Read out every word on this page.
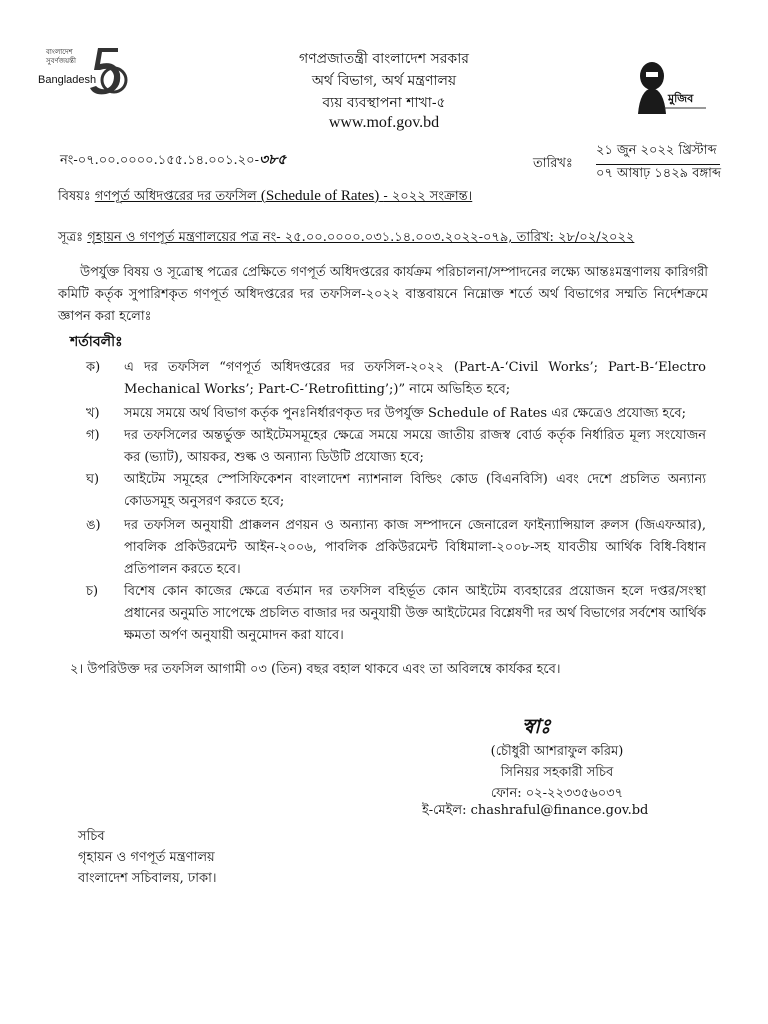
বাংলাদেশ
সুবর্ণজয়ন্তী
Bangladesh
গণপ্রজাতন্ত্রী বাংলাদেশ সরকার
অর্থ বিভাগ, অর্থ মন্ত্রণালয়
ব্যয় ব্যবস্থাপনা শাখা-৫
www.mof.gov.bd
মুজিব
নং-০৭.০০.০০০০.১৫৫.১৪.০০১.২০-৩৮৫	তারিখঃ
২১ জুন ২০২২ খ্রিস্টাব্দ
০৭ আষাঢ় ১৪২৯ বঙ্গাব্দ
বিষয়ঃ গণপূর্ত অধিদপ্তরের দর তফসিল (Schedule of Rates) - ২০২২ সংক্রান্ত।
সূত্রঃ গৃহায়ন ও গণপূর্ত মন্ত্রণালয়ের পত্র নং- ২৫.০০.০০০০.০৩১.১৪.০০৩.২০২২-০৭৯, তারিখ: ২৮/০২/২০২২
উপর্যুক্ত বিষয় ও সূত্রোস্থ পত্রের প্রেক্ষিতে গণপূর্ত অধিদপ্তরের কার্যক্রম পরিচালনা/সম্পাদনের লক্ষ্যে আন্তঃমন্ত্রণালয় কারিগরী কমিটি কর্তৃক সুপারিশকৃত গণপূর্ত অধিদপ্তরের দর তফসিল-২০২২ বাস্তবায়নে নিম্নোক্ত শর্তে অর্থ বিভাগের সম্মতি নির্দেশক্রমে জ্ঞাপন করা হলোঃ
শর্তাবলীঃ
ক)	এ দর তফসিল “গণপূর্ত অধিদপ্তরের দর তফসিল-২০২২ (Part-A-‘Civil Works’; Part-B-‘Electro Mechanical Works’; Part-C-‘Retrofitting’;)” নামে অভিহিত হবে;
খ)	সময়ে সময়ে অর্থ বিভাগ কর্তৃক পুনঃনির্ধারণকৃত দর উপর্যুক্ত Schedule of Rates এর ক্ষেত্রেও প্রযোজ্য হবে;
গ)	দর তফসিলের অন্তর্ভুক্ত আইটেমসমূহের ক্ষেত্রে সময়ে সময়ে জাতীয় রাজস্ব বোর্ড কর্তৃক নির্ধারিত মূল্য সংযোজন কর (ভ্যাট), আয়কর, শুল্ক ও অন্যান্য ডিউটি প্রযোজ্য হবে;
ঘ)	আইটেম সমূহের স্পেসিফিকেশন বাংলাদেশ ন্যাশনাল বিল্ডিং কোড (বিএনবিসি) এবং দেশে প্রচলিত অন্যান্য কোডসমূহ অনুসরণ করতে হবে;
ঙ)	দর তফসিল অনুযায়ী প্রাক্কলন প্রণয়ন ও অন্যান্য কাজ সম্পাদনে জেনারেল ফাইন্যান্সিয়াল রুলস (জিএফআর), পাবলিক প্রকিউরমেন্ট আইন-২০০৬, পাবলিক প্রকিউরমেন্ট বিধিমালা-২০০৮-সহ যাবতীয় আর্থিক বিধি-বিধান প্রতিপালন করতে হবে।
চ)	বিশেষ কোন কাজের ক্ষেত্রে বর্তমান দর তফসিল বহির্ভূত কোন আইটেম ব্যবহারের প্রয়োজন হলে দপ্তর/সংস্থা প্রধানের অনুমতি সাপেক্ষে প্রচলিত বাজার দর অনুযায়ী উক্ত আইটেমের বিশ্লেষণী দর অর্থ বিভাগের সর্বশেষ আর্থিক ক্ষমতা অর্পণ অনুযায়ী অনুমোদন করা যাবে।
২। উপরিউক্ত দর তফসিল আগামী ০৩ (তিন) বছর বহাল থাকবে এবং তা অবিলম্বে কার্যকর হবে।
স্বাঃ
(চৌধুরী আশরাফুল করিম)
সিনিয়র সহকারী সচিব
ফোন: ০২-২২৩৩৫৬০৩৭
ই-মেইল: chashraful@finance.gov.bd
সচিব
গৃহায়ন ও গণপূর্ত মন্ত্রণালয়
বাংলাদেশ সচিবালয়, ঢাকা।
